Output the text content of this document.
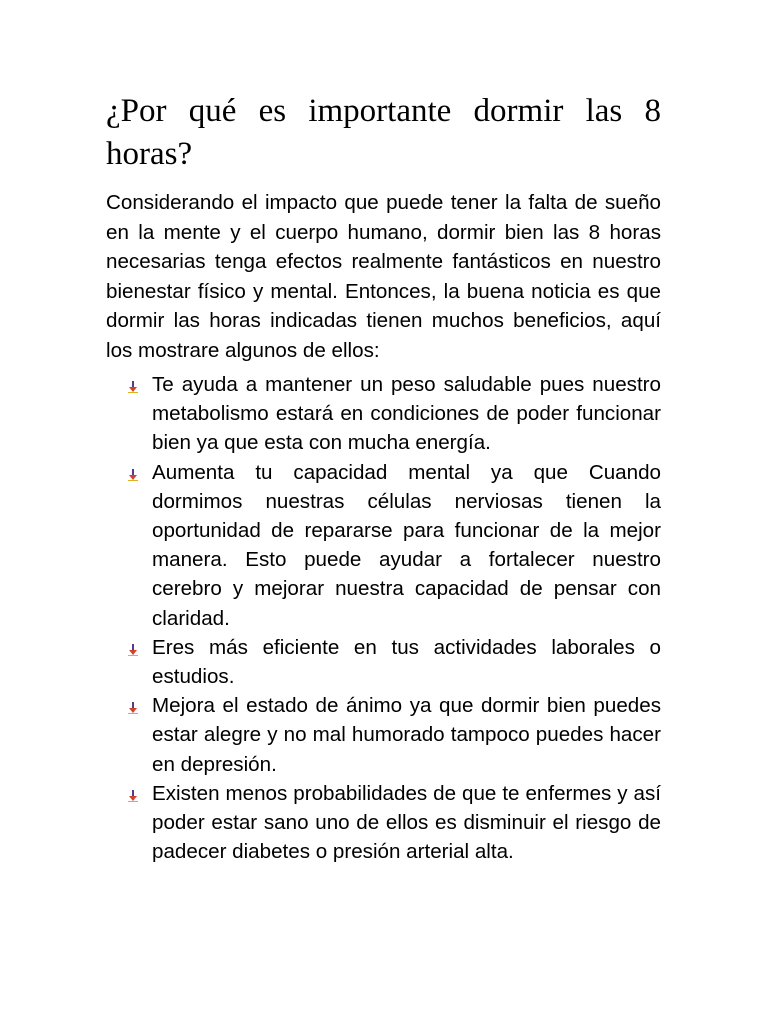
¿Por qué es importante dormir las 8 horas?

Considerando el impacto que puede tener la falta de sueño en la mente y el cuerpo humano, dormir bien las 8 horas necesarias tenga efectos realmente fantásticos en nuestro bienestar físico y mental. Entonces, la buena noticia es que dormir las horas indicadas tienen muchos beneficios, aquí los mostrare algunos de ellos:

Te ayuda a mantener un peso saludable pues nuestro metabolismo estará en condiciones de poder funcionar bien ya que esta con mucha energía.
Aumenta tu capacidad mental ya que Cuando dormimos nuestras células nerviosas tienen la oportunidad de repararse para funcionar de la mejor manera. Esto puede ayudar a fortalecer nuestro cerebro y mejorar nuestra capacidad de pensar con claridad.
Eres más eficiente en tus actividades laborales o estudios.
Mejora el estado de ánimo ya que dormir bien puedes estar alegre y no mal humorado tampoco puedes hacer en depresión.
Existen menos probabilidades de que te enfermes y así poder estar sano uno de ellos es disminuir el riesgo de padecer diabetes o presión arterial alta.
